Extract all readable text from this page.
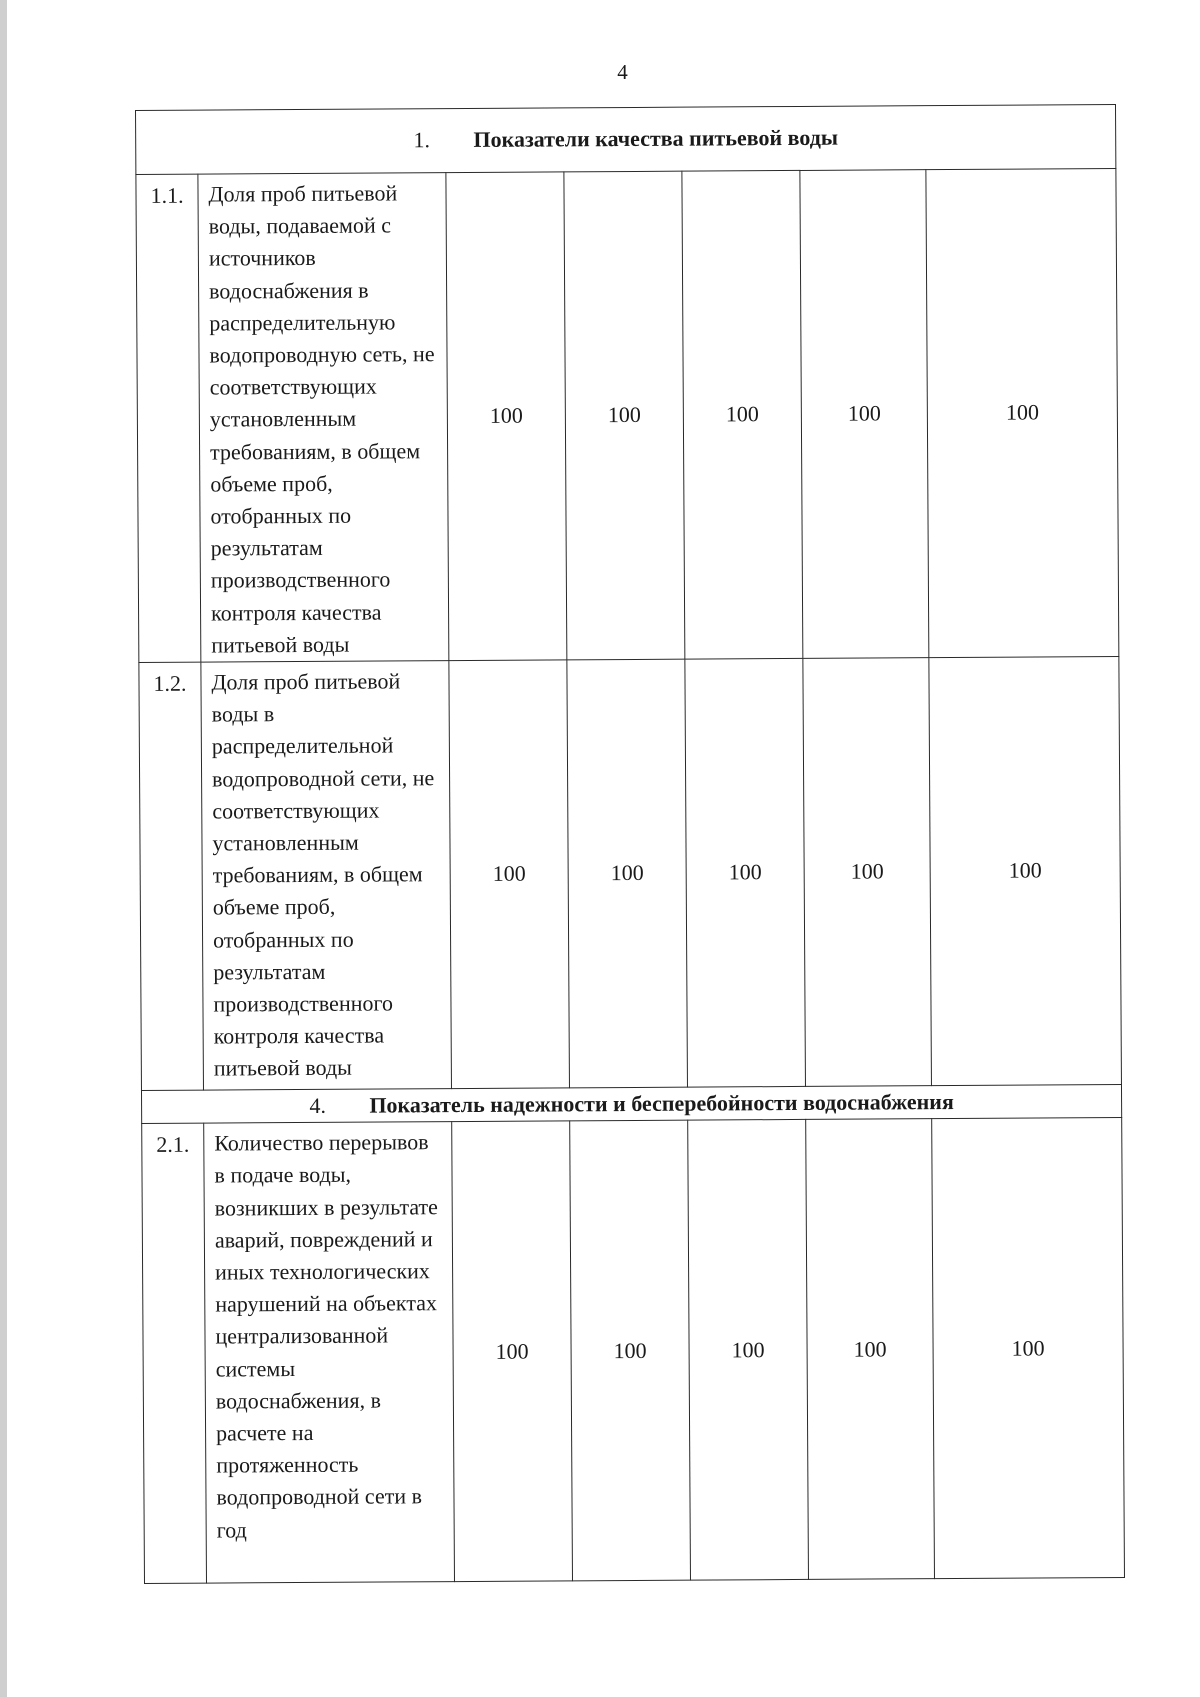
4
1. Показатели качества питьевой воды						
1.1.	Доля проб питьевой воды, подаваемой с источников водоснабжения в распределительную водопроводную сеть, не соответствующих установленным требованиям, в общем объеме проб, отобранных по результатам производственного контроля качества питьевой воды	100	100	100	100	100
1.2.	Доля проб питьевой воды в распределительной водопроводной сети, не соответствующих установленным требованиям, в общем объеме проб, отобранных по результатам производственного контроля качества питьевой воды	100	100	100	100	100
4. Показатель надежности и бесперебойности водоснабжения						
2.1.	Количество перерывов в подаче воды, возникших в результате аварий, повреждений и иных технологических нарушений на объектах централизованной системы водоснабжения, в расчете на протяженность водопроводной сети в год	100	100	100	100	100
